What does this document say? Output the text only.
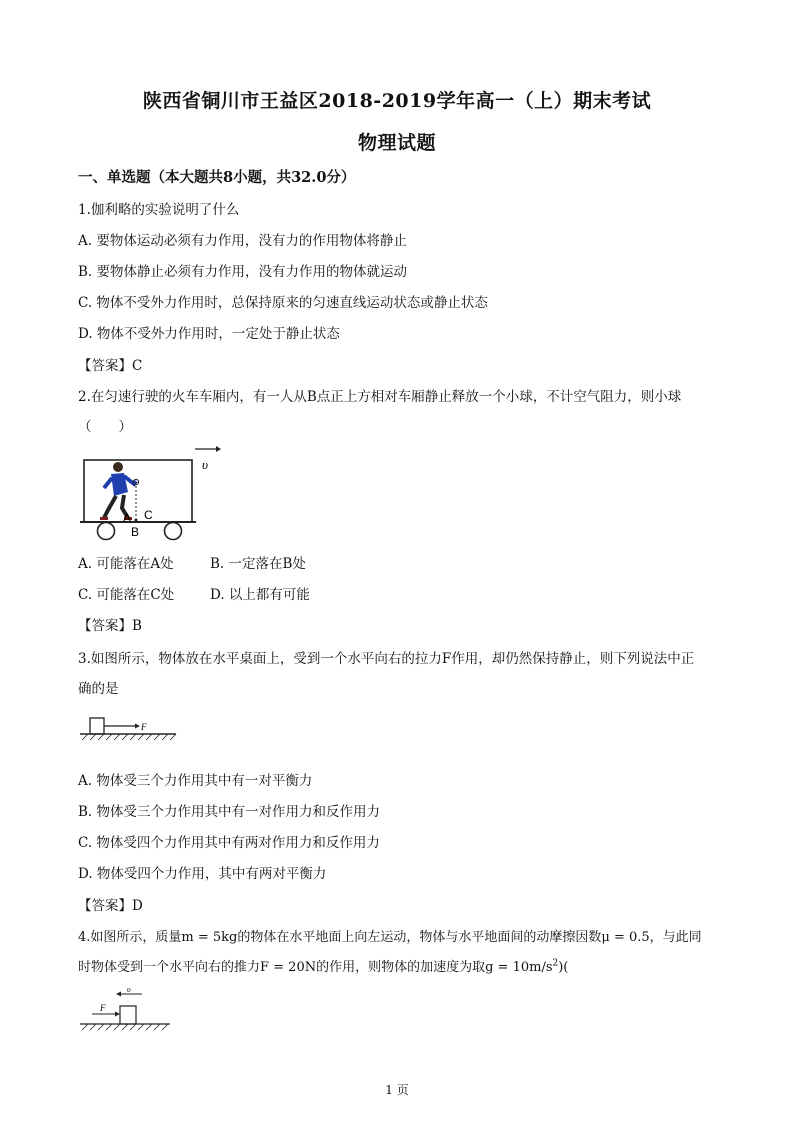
陕西省铜川市王益区2018-2019学年高一（上）期末考试
物理试题
一、单选题（本大题共8小题，共32.0分）
1.伽利略的实验说明了什么
A. 要物体运动必须有力作用，没有力的作用物体将静止
B. 要物体静止必须有力作用，没有力作用的物体就运动
C. 物体不受外力作用时，总保持原来的匀速直线运动状态或静止状态
D. 物体不受外力作用时，一定处于静止状态
【答案】C
2.在匀速行驶的火车车厢内，有一人从B点正上方相对车厢静止释放一个小球，不计空气阻力，则小球
（　　）
υ
A
B
C
A. 可能落在A处	B. 一定落在B处
C. 可能落在C处	D. 以上都有可能
【答案】B
3.如图所示，物体放在水平桌面上，受到一个水平向右的拉力F作用，却仍然保持静止，则下列说法中正
确的是
F
A. 物体受三个力作用其中有一对平衡力
B. 物体受三个力作用其中有一对作用力和反作用力
C. 物体受四个力作用其中有两对作用力和反作用力
D. 物体受四个力作用，其中有两对平衡力
【答案】D
4.如图所示，质量m = 5kg的物体在水平地面上向左运动，物体与水平地面间的动摩擦因数μ = 0.5，与此同
时物体受到一个水平向右的推力F = 20N的作用，则物体的加速度为取$g = 10m/s^2$)(
υ
F
1 页
